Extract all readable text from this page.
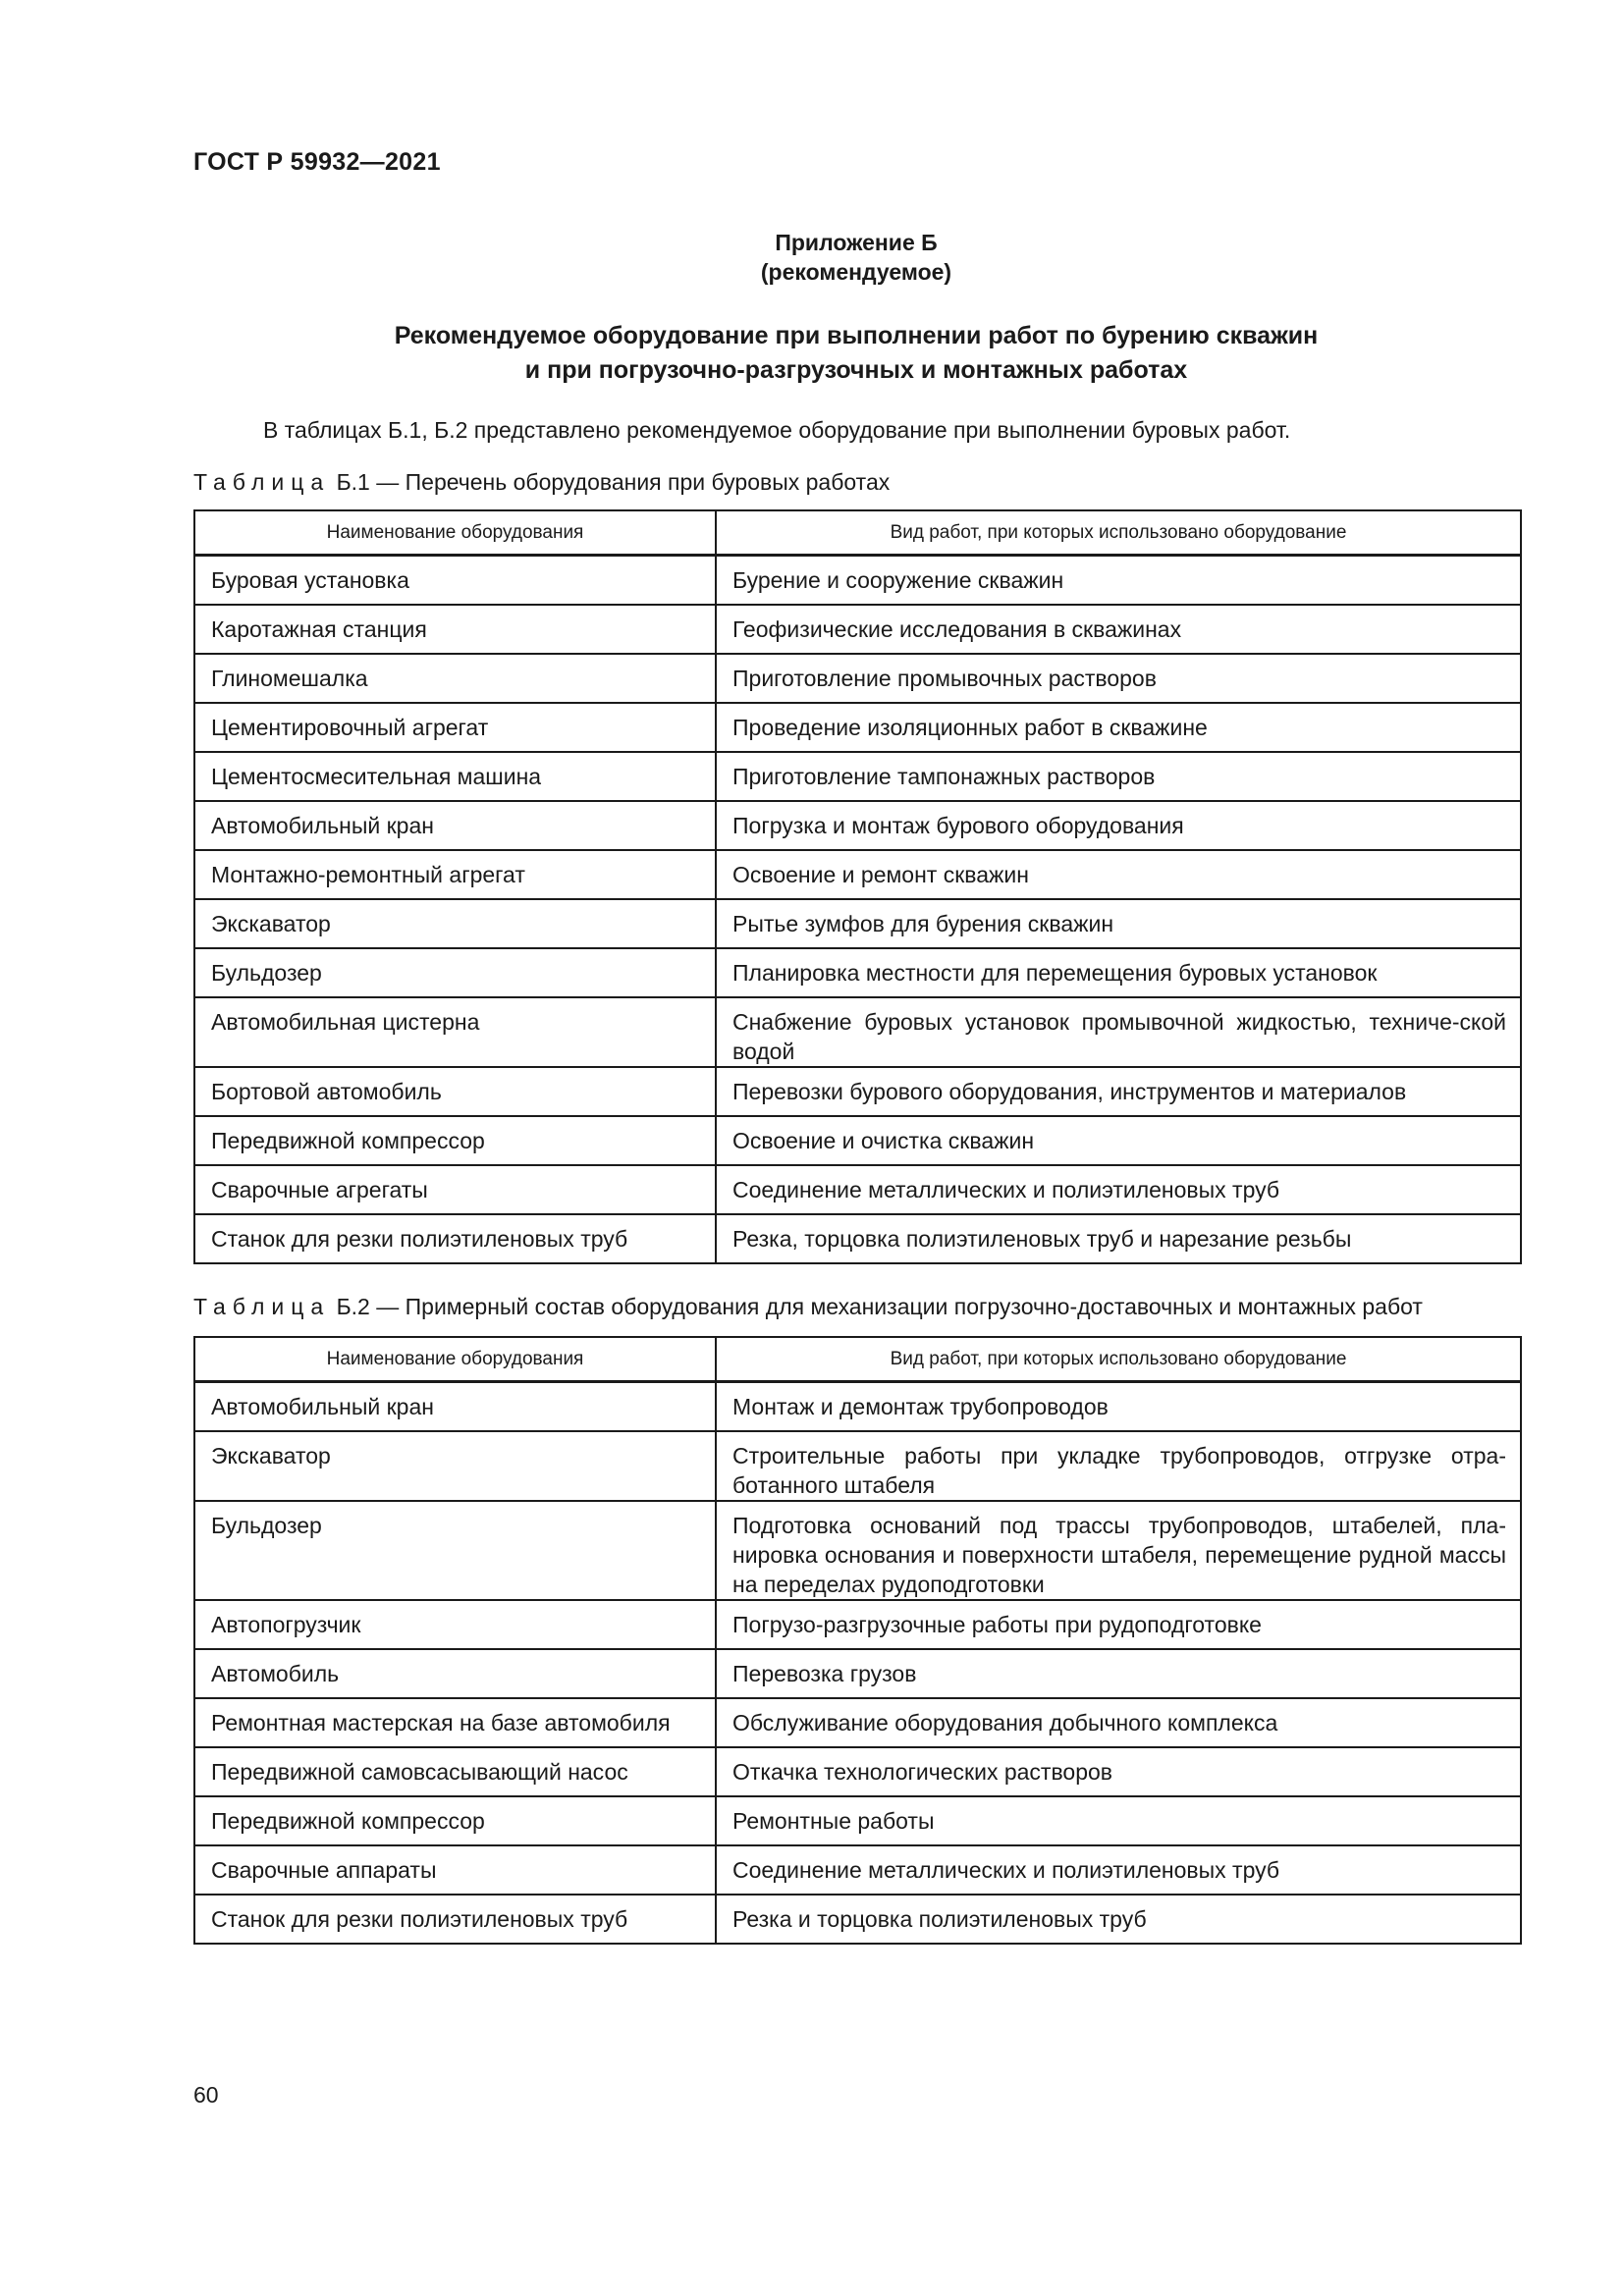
ГОСТ Р 59932—2021
Приложение Б
(рекомендуемое)
Рекомендуемое оборудование при выполнении работ по бурению скважин
и при погрузочно-разгрузочных и монтажных работах
В таблицах Б.1, Б.2 представлено рекомендуемое оборудование при выполнении буровых работ.
Таблица Б.1 — Перечень оборудования при буровых работах
Наименование оборудования	Вид работ, при которых использовано оборудование
Буровая установка	Бурение и сооружение скважин
Каротажная станция	Геофизические исследования в скважинах
Глиномешалка	Приготовление промывочных растворов
Цементировочный агрегат	Проведение изоляционных работ в скважине
Цементосмесительная машина	Приготовление тампонажных растворов
Автомобильный кран	Погрузка и монтаж бурового оборудования
Монтажно-ремонтный агрегат	Освоение и ремонт скважин
Экскаватор	Рытье зумфов для бурения скважин
Бульдозер	Планировка местности для перемещения буровых установок
Автомобильная цистерна	Снабжение буровых установок промывочной жидкостью, техниче-ской водой
Бортовой автомобиль	Перевозки бурового оборудования, инструментов и материалов
Передвижной компрессор	Освоение и очистка скважин
Сварочные агрегаты	Соединение металлических и полиэтиленовых труб
Станок для резки полиэтиленовых труб	Резка, торцовка полиэтиленовых труб и нарезание резьбы
Таблица Б.2 — Примерный состав оборудования для механизации погрузочно-доставочных и монтажных работ
Наименование оборудования	Вид работ, при которых использовано оборудование
Автомобильный кран	Монтаж и демонтаж трубопроводов
Экскаватор	Строительные работы при укладке трубопроводов, отгрузке отра-ботанного штабеля
Бульдозер	Подготовка оснований под трассы трубопроводов, штабелей, пла-нировка основания и поверхности штабеля, перемещение рудной массы на переделах рудоподготовки
Автопогрузчик	Погрузо-разгрузочные работы при рудоподготовке
Автомобиль	Перевозка грузов
Ремонтная мастерская на базе автомобиля	Обслуживание оборудования добычного комплекса
Передвижной самовсасывающий насос	Откачка технологических растворов
Передвижной компрессор	Ремонтные работы
Сварочные аппараты	Соединение металлических и полиэтиленовых труб
Станок для резки полиэтиленовых труб	Резка и торцовка полиэтиленовых труб
60
